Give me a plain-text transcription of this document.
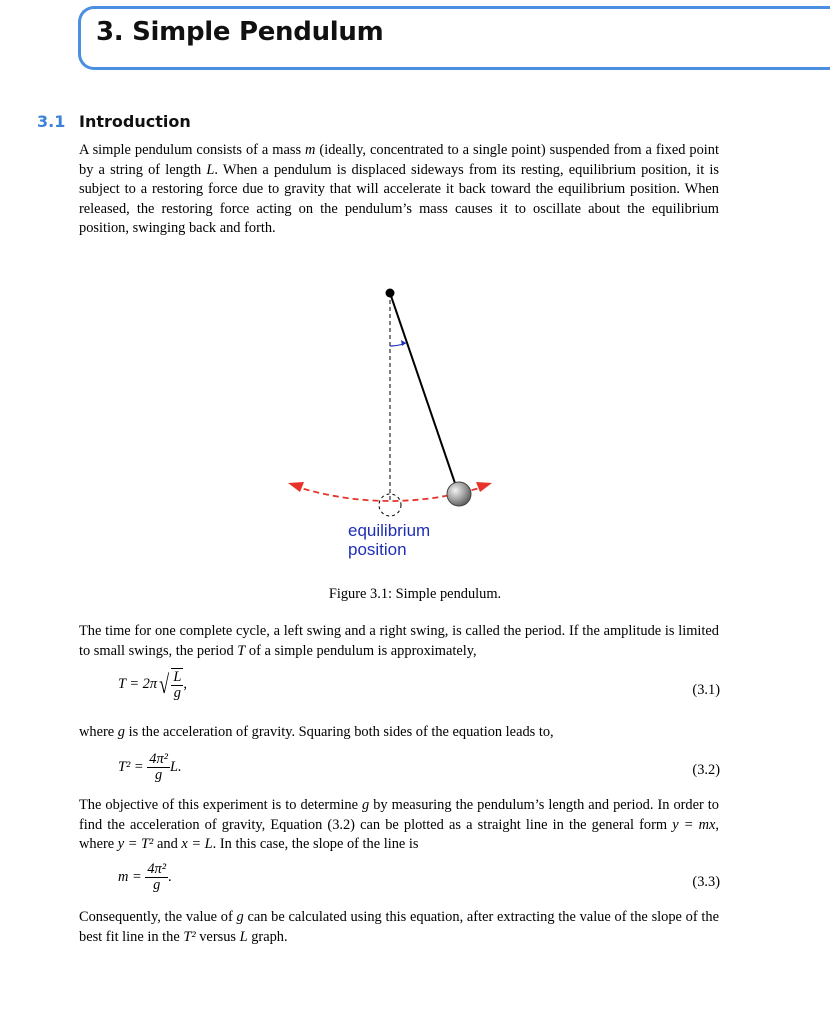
3. Simple Pendulum
3.1 Introduction
A simple pendulum consists of a mass m (ideally, concentrated to a single point) suspended from a fixed point by a string of length L. When a pendulum is displaced sideways from its resting, equilibrium position, it is subject to a restoring force due to gravity that will accelerate it back toward the equilibrium position. When released, the restoring force acting on the pendulum’s mass causes it to oscillate about the equilibrium position, swinging back and forth.
equilibrium
position
Figure 3.1: Simple pendulum.
The time for one complete cycle, a left swing and a right swing, is called the period. If the amplitude is limited to small swings, the period T of a simple pendulum is approximately,
$T = 2\pi√ \frac{L}{g}$ ,	(3.1)
where g is the acceleration of gravity. Squaring both sides of the equation leads to,
$T^2 = \frac{\text{4π²}}{g} L$.	(3.2)
The objective of this experiment is to determine g by measuring the pendulum’s length and period. In order to find the acceleration of gravity, Equation (3.2) can be plotted as a straight line in the general form y = mx, where y = T² and x = L. In this case, the slope of the line is
$m = \frac{\text{4π²}}{g}$ .	(3.3)
Consequently, the value of g can be calculated using this equation, after extracting the value of the slope of the best fit line in the T² versus L graph.
